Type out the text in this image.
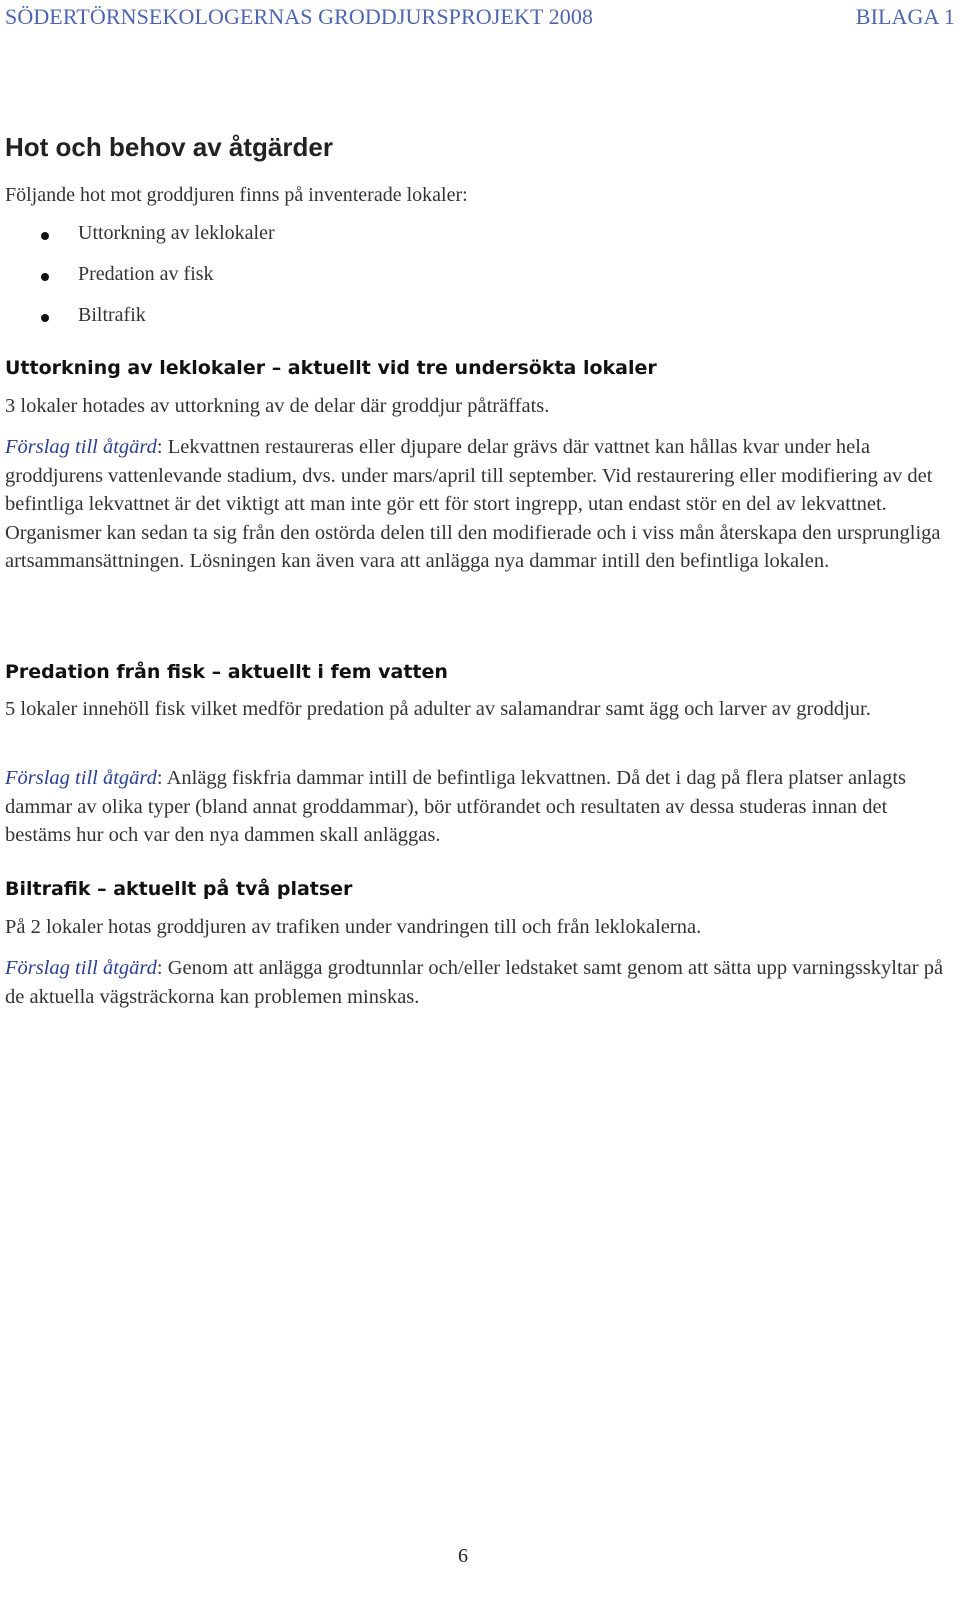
SÖDERTÖRNSEKOLOGERNAS GRODDJURSPROJEKT 2008	BILAGA 1
Hot och behov av åtgärder
Följande hot mot groddjuren finns på inventerade lokaler:
Uttorkning av leklokaler
Predation av fisk
Biltrafik
Uttorkning av leklokaler – aktuellt vid tre undersökta lokaler

3 lokaler hotades av uttorkning av de delar där groddjur påträffats.

Förslag till åtgärd: Lekvattnen restaureras eller djupare delar grävs där vattnet kan hållas kvar under hela groddjurens vattenlevande stadium, dvs. under mars/april till september. Vid restaurering eller modifiering av det befintliga lekvattnet är det viktigt att man inte gör ett för stort ingrepp, utan endast stör en del av lekvattnet. Organismer kan sedan ta sig från den ostörda delen till den modifierade och i viss mån återskapa den ursprungliga artsammansättningen. Lösningen kan även vara att anlägga nya dammar intill den befintliga lokalen.

Predation från fisk – aktuellt i fem vatten

5 lokaler innehöll fisk vilket medför predation på adulter av salamandrar samt ägg och larver av groddjur.

Förslag till åtgärd: Anlägg fiskfria dammar intill de befintliga lekvattnen. Då det i dag på flera platser anlagts dammar av olika typer (bland annat groddammar), bör utförandet och resultaten av dessa studeras innan det bestäms hur och var den nya dammen skall anläggas.

Biltrafik – aktuellt på två platser

På 2 lokaler hotas groddjuren av trafiken under vandringen till och från leklokalerna.

Förslag till åtgärd: Genom att anlägga grodtunnlar och/eller ledstaket samt genom att sätta upp varningsskyltar på de aktuella vägsträckorna kan problemen minskas.

6
